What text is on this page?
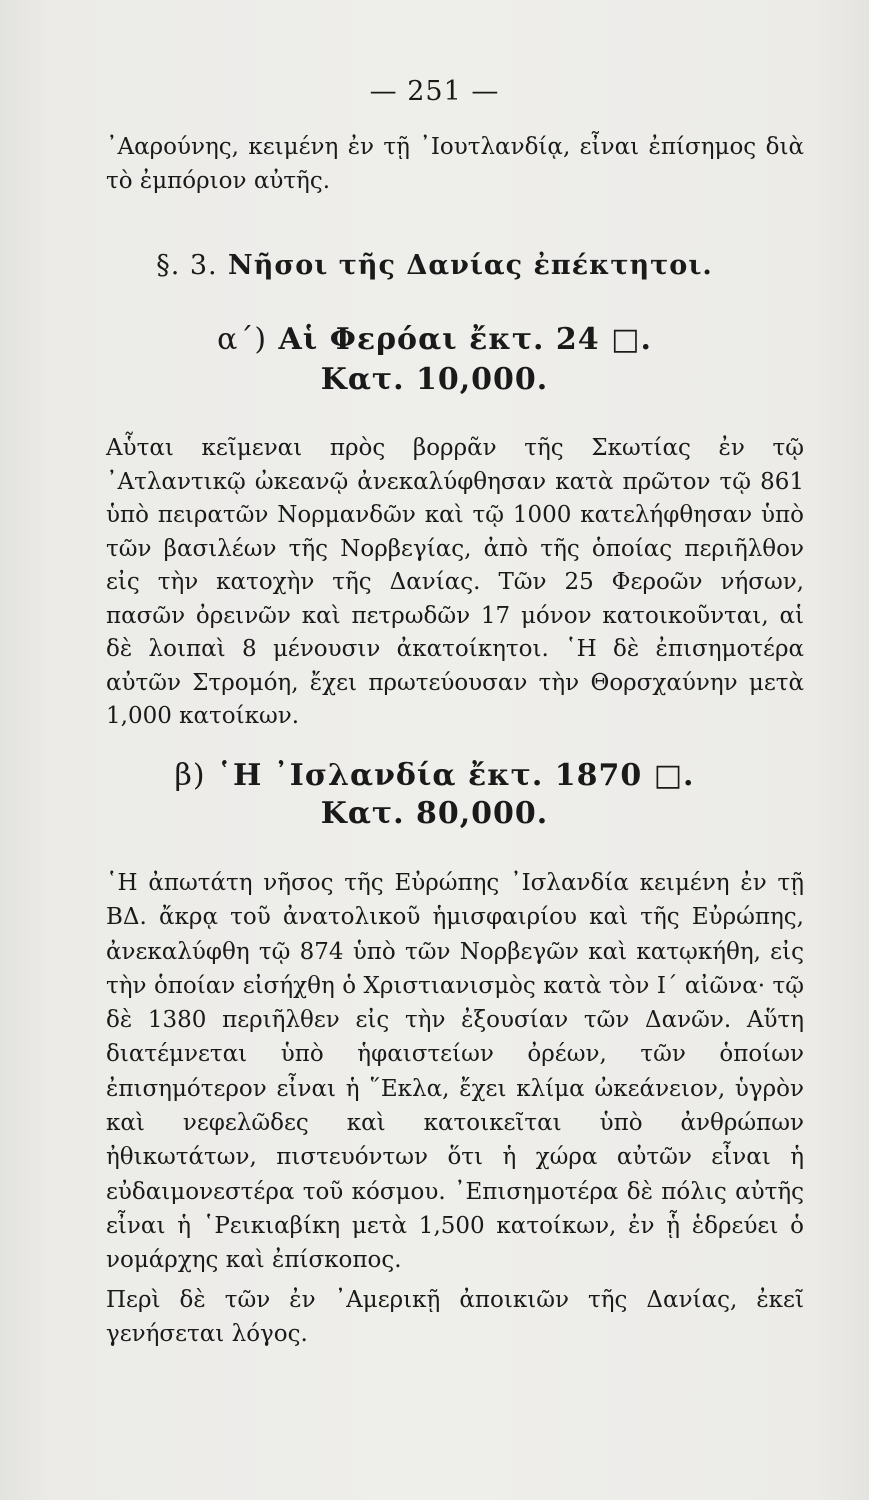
— 251 —

᾿Ααρούνης, κειμένη ἐν τῇ ᾿Ιουτλανδίᾳ, εἶναι ἐπίσημος διὰ τὸ ἐμπόριον αὐτῆς.

§. 3. Νῆσοι τῆς Δανίας ἐπέκτητοι.
α΄) Αἱ Φερόαι ἔκτ. 24 □.
Κατ. 10,000.

Αὗται κεῖμεναι πρὸς βορρᾶν τῆς Σκωτίας ἐν τῷ ᾿Ατλαντικῷ ὠκεανῷ ἀνεκαλύφθησαν κατὰ πρῶτον τῷ 861 ὑπὸ πειρατῶν Νορμανδῶν καὶ τῷ 1000 κατελήφθησαν ὑπὸ τῶν βασιλέων τῆς Νορβεγίας, ἀπὸ τῆς ὁποίας περιῆλθον εἰς τὴν κατοχὴν τῆς Δανίας. Τῶν 25 Φεροῶν νήσων, πασῶν ὀρεινῶν καὶ πετρωδῶν 17 μόνον κατοικοῦνται, αἱ δὲ λοιπαὶ 8 μένουσιν ἀκατοίκητοι. ῾Η δὲ ἐπισημοτέρα αὐτῶν Στρομόη, ἔχει πρωτεύουσαν τὴν Θορσχαύνην μετὰ 1,000 κατοίκων.

β) ῾Η ᾿Ισλανδία ἔκτ. 1870 □.
Κατ. 80,000.

῾Η ἀπωτάτη νῆσος τῆς Εὐρώπης ᾿Ισλανδία κειμένη ἐν τῇ ΒΔ. ἄκρᾳ τοῦ ἀνατολικοῦ ἡμισφαιρίου καὶ τῆς Εὐρώπης, ἀνεκαλύφθη τῷ 874 ὑπὸ τῶν Νορβεγῶν καὶ κατῳκήθη, εἰς τὴν ὁποίαν εἰσήχθη ὁ Χριστιανισμὸς κατὰ τὸν Ι΄ αἰῶνα· τῷ δὲ 1380 περιῆλθεν εἰς τὴν ἐξουσίαν τῶν Δανῶν. Αὕτη διατέμνεται ὑπὸ ἡφαιστείων ὀρέων, τῶν ὁποίων ἐπισημότερον εἶναι ἡ ῞Εκλα, ἔχει κλίμα ὠκεάνειον, ὑγρὸν καὶ νεφελῶδες καὶ κατοικεῖται ὑπὸ ἀνθρώπων ἠθικωτάτων, πιστευόντων ὅτι ἡ χώρα αὐτῶν εἶναι ἡ εὐδαιμονεστέρα τοῦ κόσμου. ᾿Επισημοτέρα δὲ πόλις αὐτῆς εἶναι ἡ ῾Ρεικιαβίκη μετὰ 1,500 κατοίκων, ἐν ᾗ ἑδρεύει ὁ νομάρχης καὶ ἐπίσκοπος.

Περὶ δὲ τῶν ἐν ᾿Αμερικῇ ἀποικιῶν τῆς Δανίας, ἐκεῖ γενήσεται λόγος.
